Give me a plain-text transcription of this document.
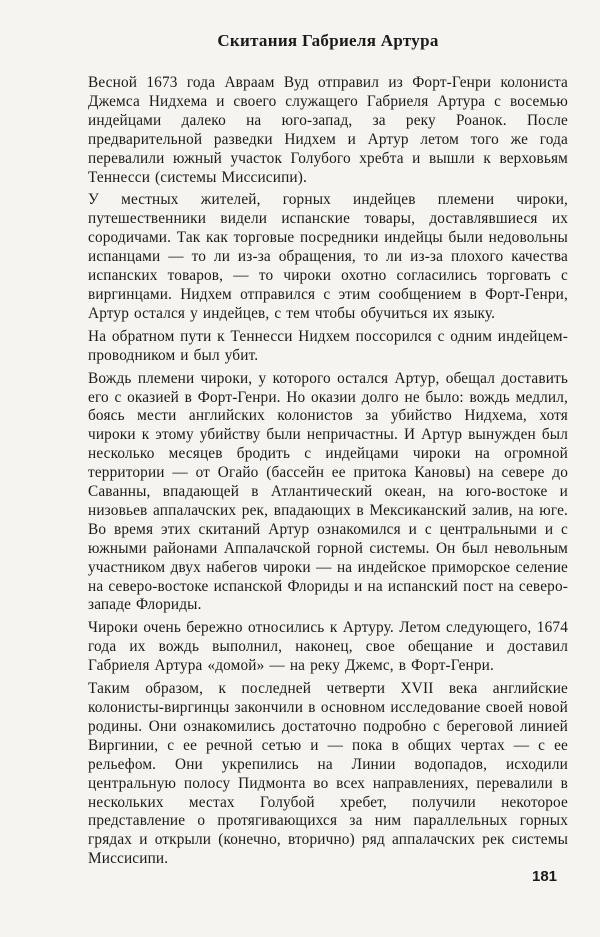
Скитания Габриеля Артура

Весной 1673 года Авраам Вуд отправил из Форт-Генри колониста Джемса Нидхема и своего служащего Габриеля Артура с восемью индейцами далеко на юго-запад, за реку Роанок. После предварительной разведки Нидхем и Артур летом того же года перевалили южный участок Голубого хребта и вышли к верховьям Теннесси (системы Миссисипи).

У местных жителей, горных индейцев племени чироки, путешественники видели испанские товары, доставлявшиеся их сородичами. Так как торговые посредники индейцы были недовольны испанцами — то ли из-за обращения, то ли из-за плохого качества испанских товаров, — то чироки охотно согласились торговать с виргинцами. Нидхем отправился с этим сообщением в Форт-Генри, Артур остался у индейцев, с тем чтобы обучиться их языку.

На обратном пути к Теннесси Нидхем поссорился с одним индейцем-проводником и был убит.

Вождь племени чироки, у которого остался Артур, обещал доставить его с оказией в Форт-Генри. Но оказии долго не было: вождь медлил, боясь мести английских колонистов за убийство Нидхема, хотя чироки к этому убийству были непричастны. И Артур вынужден был несколько месяцев бродить с индейцами чироки на огромной территории — от Огайо (бассейн ее притока Кановы) на севере до Саванны, впадающей в Атлантический океан, на юго-востоке и низовьев аппалачских рек, впадающих в Мексиканский залив, на юге. Во время этих скитаний Артур ознакомился и с центральными и с южными районами Аппалачской горной системы. Он был невольным участником двух набегов чироки — на индейское приморское селение на северо-востоке испанской Флориды и на испанский пост на северо-западе Флориды.

Чироки очень бережно относились к Артуру. Летом следующего, 1674 года их вождь выполнил, наконец, свое обещание и доставил Габриеля Артура «домой» — на реку Джемс, в Форт-Генри.

Таким образом, к последней четверти XVII века английские колонисты-виргинцы закончили в основном исследование своей новой родины. Они ознакомились достаточно подробно с береговой линией Виргинии, с ее речной сетью и — пока в общих чертах — с ее рельефом. Они укрепились на Линии водопадов, исходили центральную полосу Пидмонта во всех направлениях, перевалили в нескольких местах Голубой хребет, получили некоторое представление о протягивающихся за ним параллельных горных грядах и открыли (конечно, вторично) ряд аппалачских рек системы Миссисипи.

181
